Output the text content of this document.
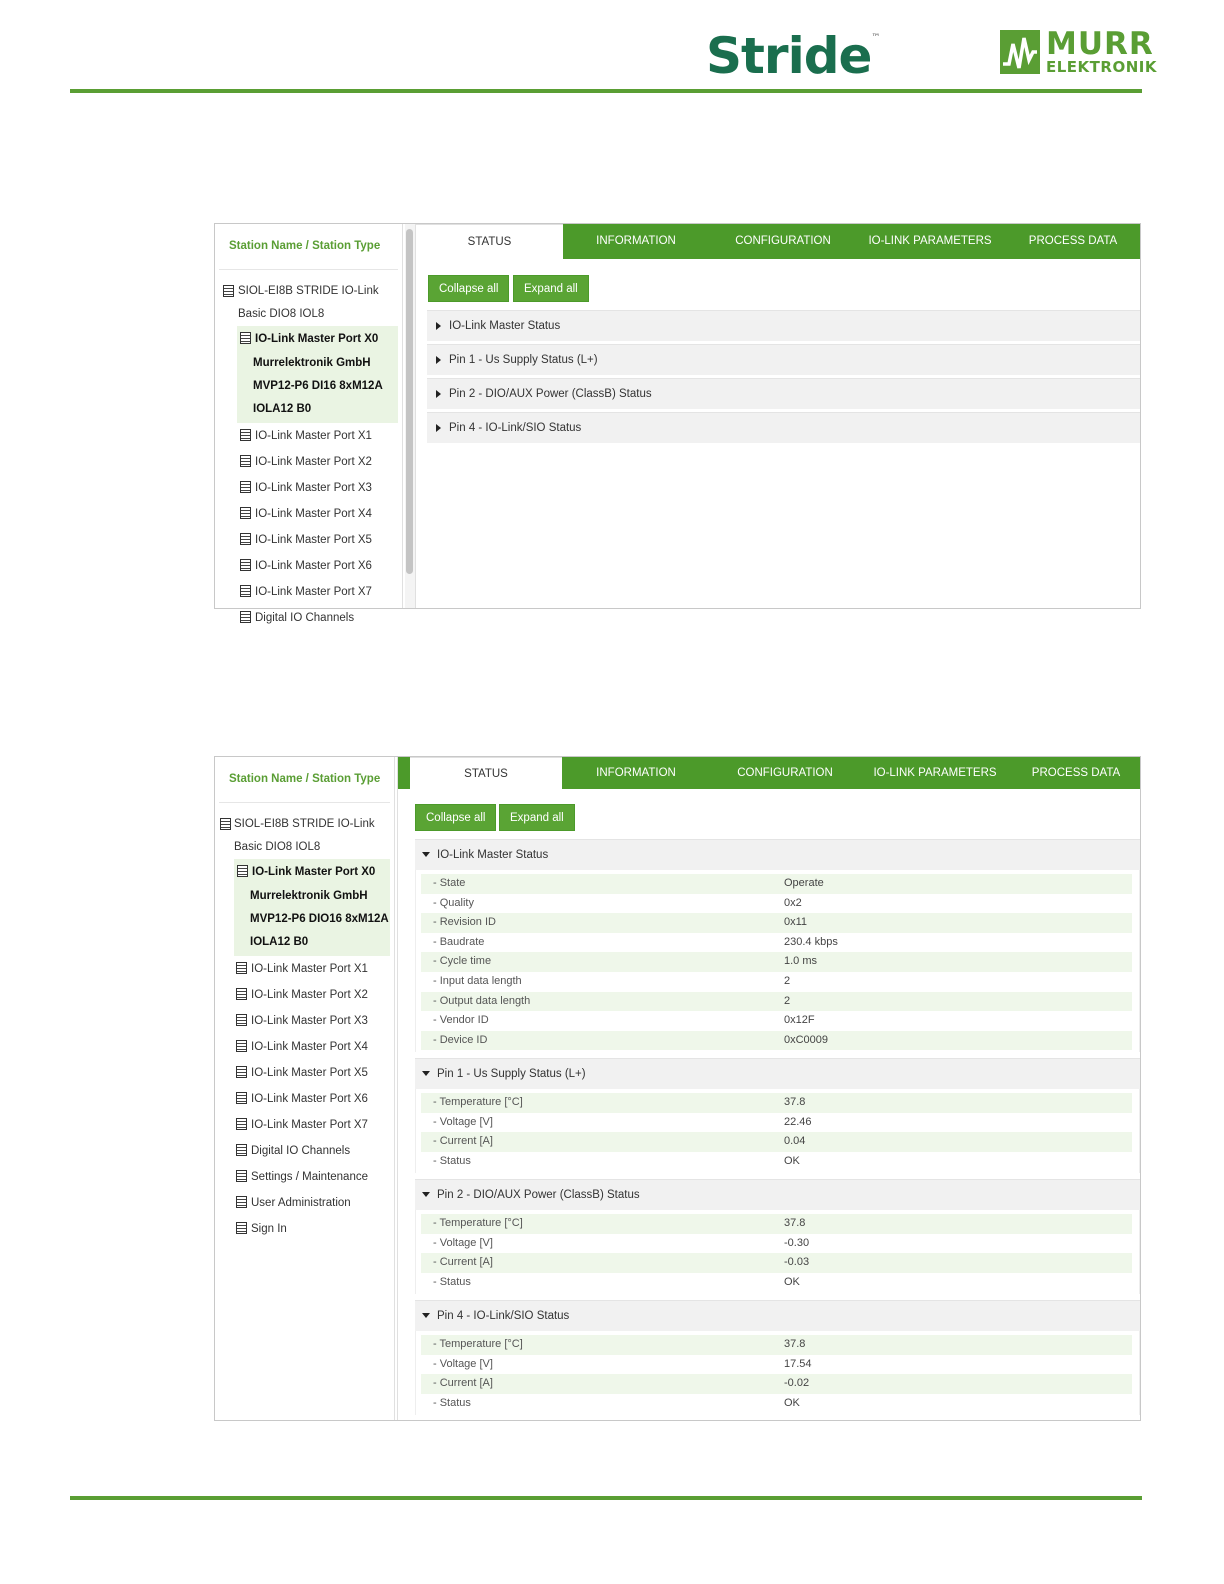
Stride™	MURR
ELEKTRONIK
Station Name / Station Type
SIOL-EI8B STRIDE IO-Link
Basic DIO8 IOL8
IO-Link Master Port X0
Murrelektronik GmbH
MVP12-P6 DI16 8xM12A
IOLA12 B0
IO-Link Master Port X1
IO-Link Master Port X2
IO-Link Master Port X3
IO-Link Master Port X4
IO-Link Master Port X5
IO-Link Master Port X6
IO-Link Master Port X7
Digital IO Channels
STATUS	INFORMATION	CONFIGURATION	IO-LINK PARAMETERS	PROCESS DATA
Collapse all	Expand all
IO-Link Master Status
Pin 1 - Us Supply Status (L+)
Pin 2 - DIO/AUX Power (ClassB) Status
Pin 4 - IO-Link/SIO Status
Station Name / Station Type
SIOL-EI8B STRIDE IO-Link
Basic DIO8 IOL8
IO-Link Master Port X0
Murrelektronik GmbH
MVP12-P6 DIO16 8xM12A
IOLA12 B0
IO-Link Master Port X1
IO-Link Master Port X2
IO-Link Master Port X3
IO-Link Master Port X4
IO-Link Master Port X5
IO-Link Master Port X6
IO-Link Master Port X7
Digital IO Channels
Settings / Maintenance
User Administration
Sign In
STATUS	INFORMATION	CONFIGURATION	IO-LINK PARAMETERS	PROCESS DATA
Collapse all	Expand all
IO-Link Master Status
- State	Operate
- Quality	0x2
- Revision ID	0x11
- Baudrate	230.4 kbps
- Cycle time	1.0 ms
- Input data length	2
- Output data length	2
- Vendor ID	0x12F
- Device ID	0xC0009
Pin 1 - Us Supply Status (L+)
- Temperature [°C]	37.8
- Voltage [V]	22.46
- Current [A]	0.04
- Status	OK
Pin 2 - DIO/AUX Power (ClassB) Status
- Temperature [°C]	37.8
- Voltage [V]	-0.30
- Current [A]	-0.03
- Status	OK
Pin 4 - IO-Link/SIO Status
- Temperature [°C]	37.8
- Voltage [V]	17.54
- Current [A]	-0.02
- Status	OK
